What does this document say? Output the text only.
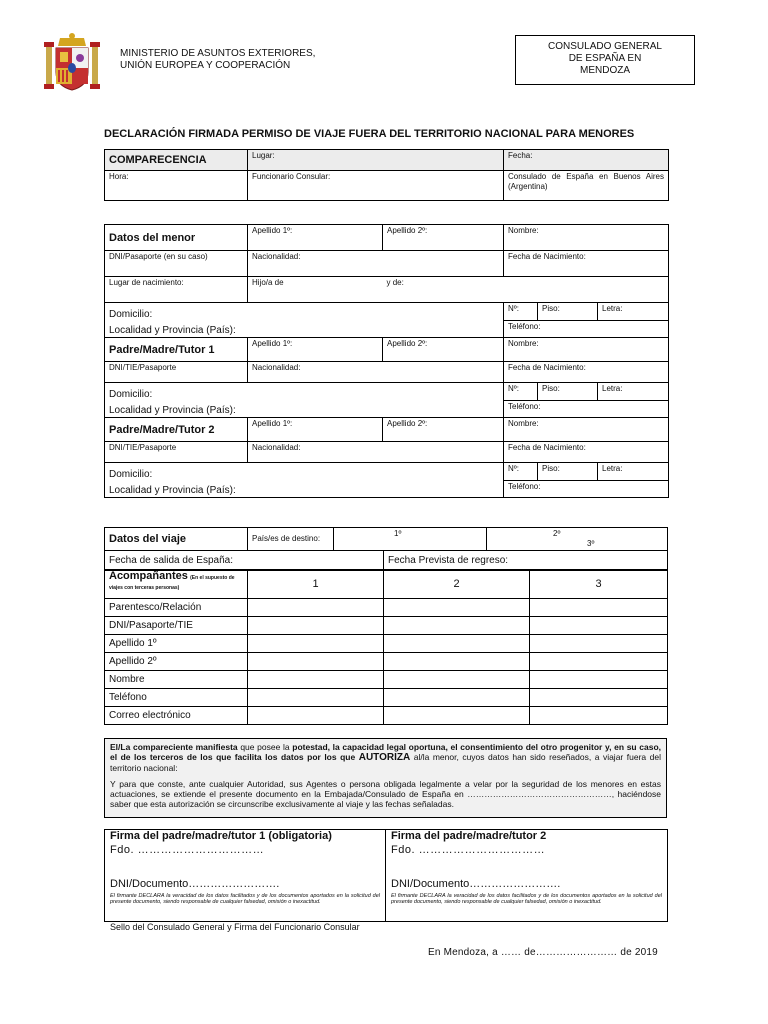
MINISTERIO DE ASUNTOS EXTERIORES,
UNIÓN EUROPEA Y COOPERACIÓN
CONSULADO GENERAL
DE ESPAÑA EN
MENDOZA
DECLARACIÓN FIRMADA PERMISO DE VIAJE FUERA DEL TERRITORIO NACIONAL PARA MENORES
COMPARECENCIA	Lugar:	Fecha:
Hora:	Funcionario Consular:	Consulado de España en Buenos Aires (Argentina)
Datos del menor	Apellido 1º:	Apellido 2º:	Nombre:		
DNI/Pasaporte (en su caso)	Nacionalidad:		Fecha de Nacimiento:		
Lugar de nacimiento:	Hijo/a de	y de:			
Domicilio:			Nº:	Piso:	Letra:
Localidad y Provincia (País):			Teléfono:		
Padre/Madre/Tutor 1	Apellido 1º:	Apellido 2º:	Nombre:		
DNI/TIE/Pasaporte	Nacionalidad:		Fecha de Nacimiento:		
Domicilio:			Nº:	Piso:	Letra:
Localidad y Provincia (País):			Teléfono:		
Padre/Madre/Tutor 2	Apellido 1º:	Apellido 2º:	Nombre:		
DNI/TIE/Pasaporte	Nacionalidad:		Fecha de Nacimiento:		
Domicilio:			Nº:	Piso:	Letra:
Localidad y Provincia (País):			Teléfono:		
Datos del viaje	País/es de destino:	1º		2º 3º
Fecha de salida de España:			Fecha Prevista de regreso:	
Acompañantes (En el supuesto de viajes con terceras personas)	1	2	3
Parentesco/Relación			
DNI/Pasaporte/TIE			
Apellido 1º			
Apellido 2º			
Nombre			
Teléfono			
Correo electrónico			
El/La compareciente manifiesta que posee la potestad, la capacidad legal oportuna, el consentimiento del otro progenitor y, en su caso, el de los terceros de los que facilita los datos por los que AUTORIZA al/la menor, cuyos datos han sido reseñados, a viajar fuera del territorio nacional:
Y para que conste, ante cualquier Autoridad, sus Agentes o persona obligada legalmente a velar por la seguridad de los menores en estas actuaciones, se extiende el presente documento en la Embajada/Consulado de España en ……………………………………………, haciéndose saber que esta autorización se circunscribe exclusivamente al viaje y las fechas señaladas.
Firma del padre/madre/tutor 1 (obligatoria)
Fdo. ……………………………
DNI/Documento…………………….
El firmante DECLARA la veracidad de los datos facilitados y de los documentos aportados en la solicitud del presente documento, siendo responsable de cualquier falsedad, omisión o inexactitud.

Firma del padre/madre/tutor 2
Fdo. ……………………………
DNI/Documento…………………….
El firmante DECLARA la veracidad de los datos facilitados y de los documentos aportados en la solicitud del presente documento, siendo responsable de cualquier falsedad, omisión o inexactitud.
Sello del Consulado General y Firma del Funcionario Consular
En Mendoza, a …… de…………………… de 2019
